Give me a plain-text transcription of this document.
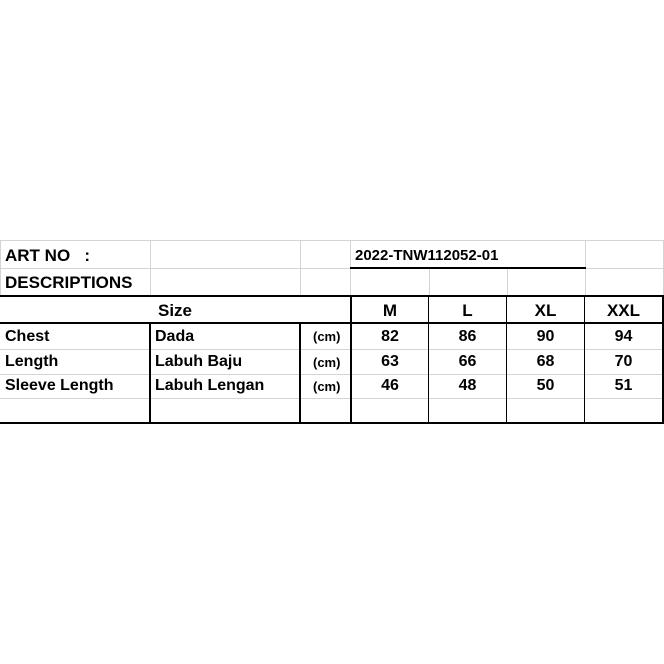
ART NO   :	2022-TNW112052-01
DESCRIPTIONS
Size	M	L	XL	XXL
Chest	Dada	(cm)	82	86	90	94
Length	Labuh Baju	(cm)	63	66	68	70
Sleeve Length	Labuh Lengan	(cm)	46	48	50	51
